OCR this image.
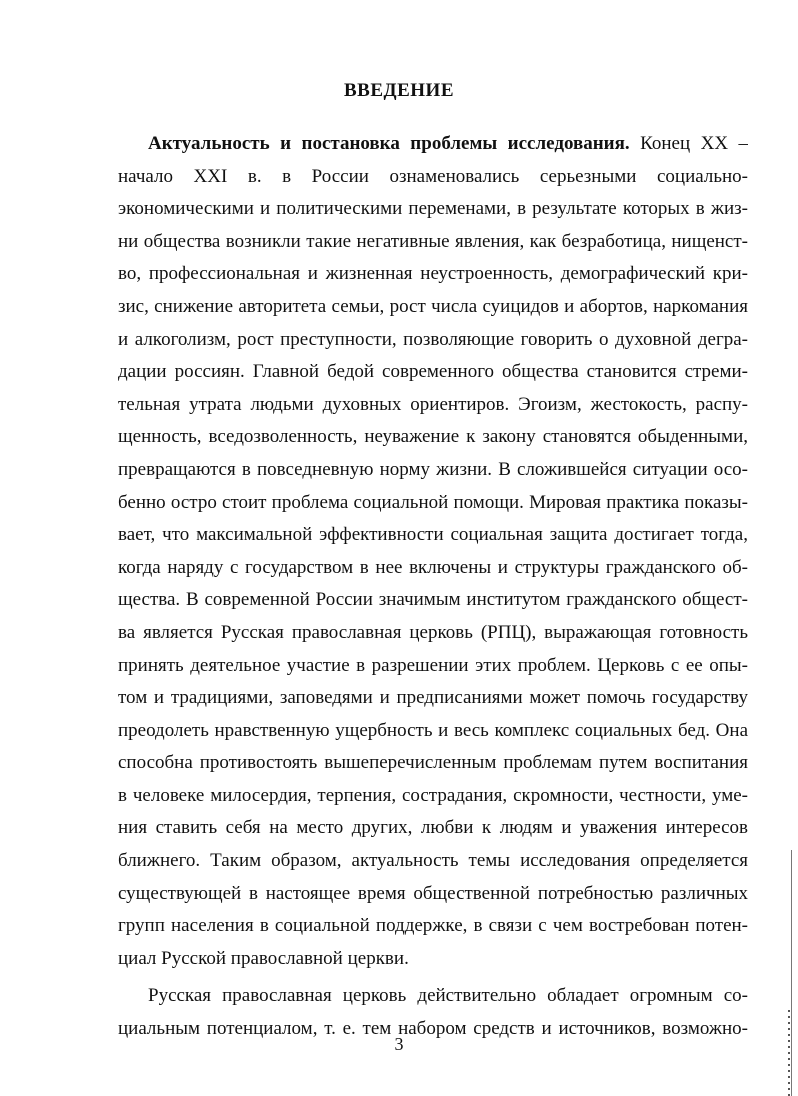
ВВЕДЕНИЕ
Актуальность и постановка проблемы исследования. Конец XX –
начало XXI в. в России ознаменовались серьезными социально-
экономическими и политическими переменами, в результате которых в жиз-
ни общества возникли такие негативные явления, как безработица, нищенст-
во, профессиональная и жизненная неустроенность, демографический кри-
зис, снижение авторитета семьи, рост числа суицидов и абортов, наркомания
и алкоголизм, рост преступности, позволяющие говорить о духовной дегра-
дации россиян. Главной бедой современного общества становится стреми-
тельная утрата людьми духовных ориентиров. Эгоизм, жестокость, распу-
щенность, вседозволенность, неуважение к закону становятся обыденными,
превращаются в повседневную норму жизни. В сложившейся ситуации осо-
бенно остро стоит проблема социальной помощи. Мировая практика показы-
вает, что максимальной эффективности социальная защита достигает тогда,
когда наряду с государством в нее включены и структуры гражданского об-
щества. В современной России значимым институтом гражданского общест-
ва является Русская православная церковь (РПЦ), выражающая готовность
принять деятельное участие в разрешении этих проблем. Церковь с ее опы-
том и традициями, заповедями и предписаниями может помочь государству
преодолеть нравственную ущербность и весь комплекс социальных бед. Она
способна противостоять вышеперечисленным проблемам путем воспитания
в человеке милосердия, терпения, сострадания, скромности, честности, уме-
ния ставить себя на место других, любви к людям и уважения интересов
ближнего. Таким образом, актуальность темы исследования определяется
существующей в настоящее время общественной потребностью различных
групп населения в социальной поддержке, в связи с чем востребован потен-
циал Русской православной церкви.
Русская православная церковь действительно обладает огромным со-
циальным потенциалом, т. е. тем набором средств и источников, возможно-
3
